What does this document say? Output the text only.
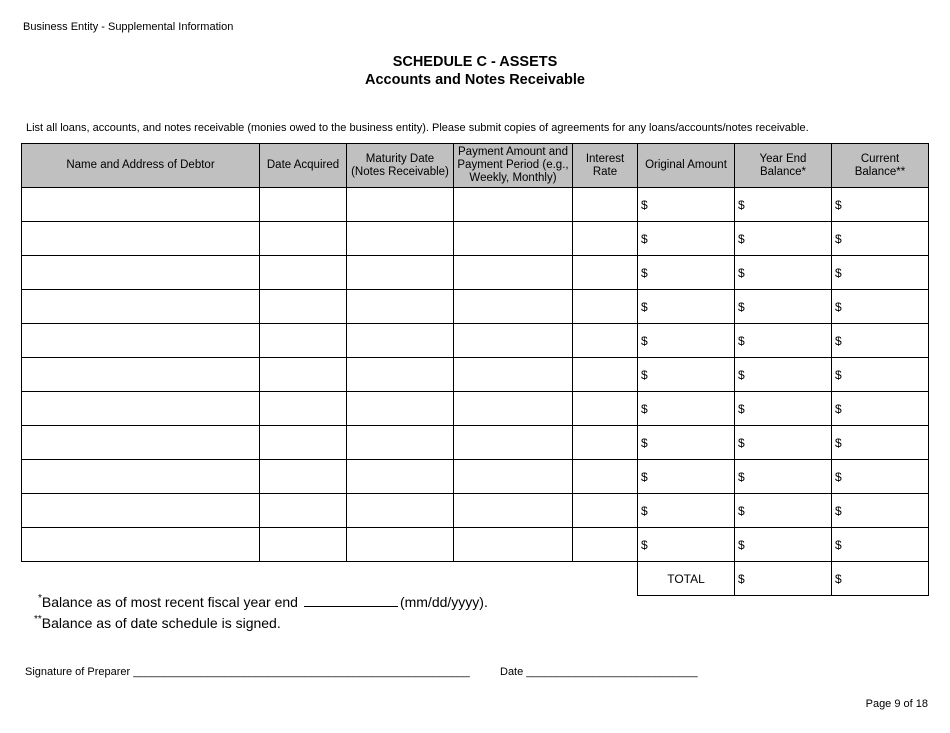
Business Entity - Supplemental Information
SCHEDULE C - ASSETS
Accounts and Notes Receivable
List all loans, accounts, and notes receivable (monies owed to the business entity). Please submit copies of agreements for any loans/accounts/notes receivable.
Name and Address of Debtor	Date Acquired	Maturity Date (Notes Receivable)	Payment Amount and Payment Period (e.g., Weekly, Monthly)	Interest Rate	Original Amount	Year End Balance*	Current Balance**
					$	$	$
					$	$	$
					$	$	$
					$	$	$
					$	$	$
					$	$	$
					$	$	$
					$	$	$
					$	$	$
					$	$	$
					$	$	$
					TOTAL	$	$
*Balance as of most recent fiscal year end	(mm/dd/yyyy).
**Balance as of date schedule is signed.
Signature of Preparer _______________________________________________________	Date ____________________________
Page 9 of 18
